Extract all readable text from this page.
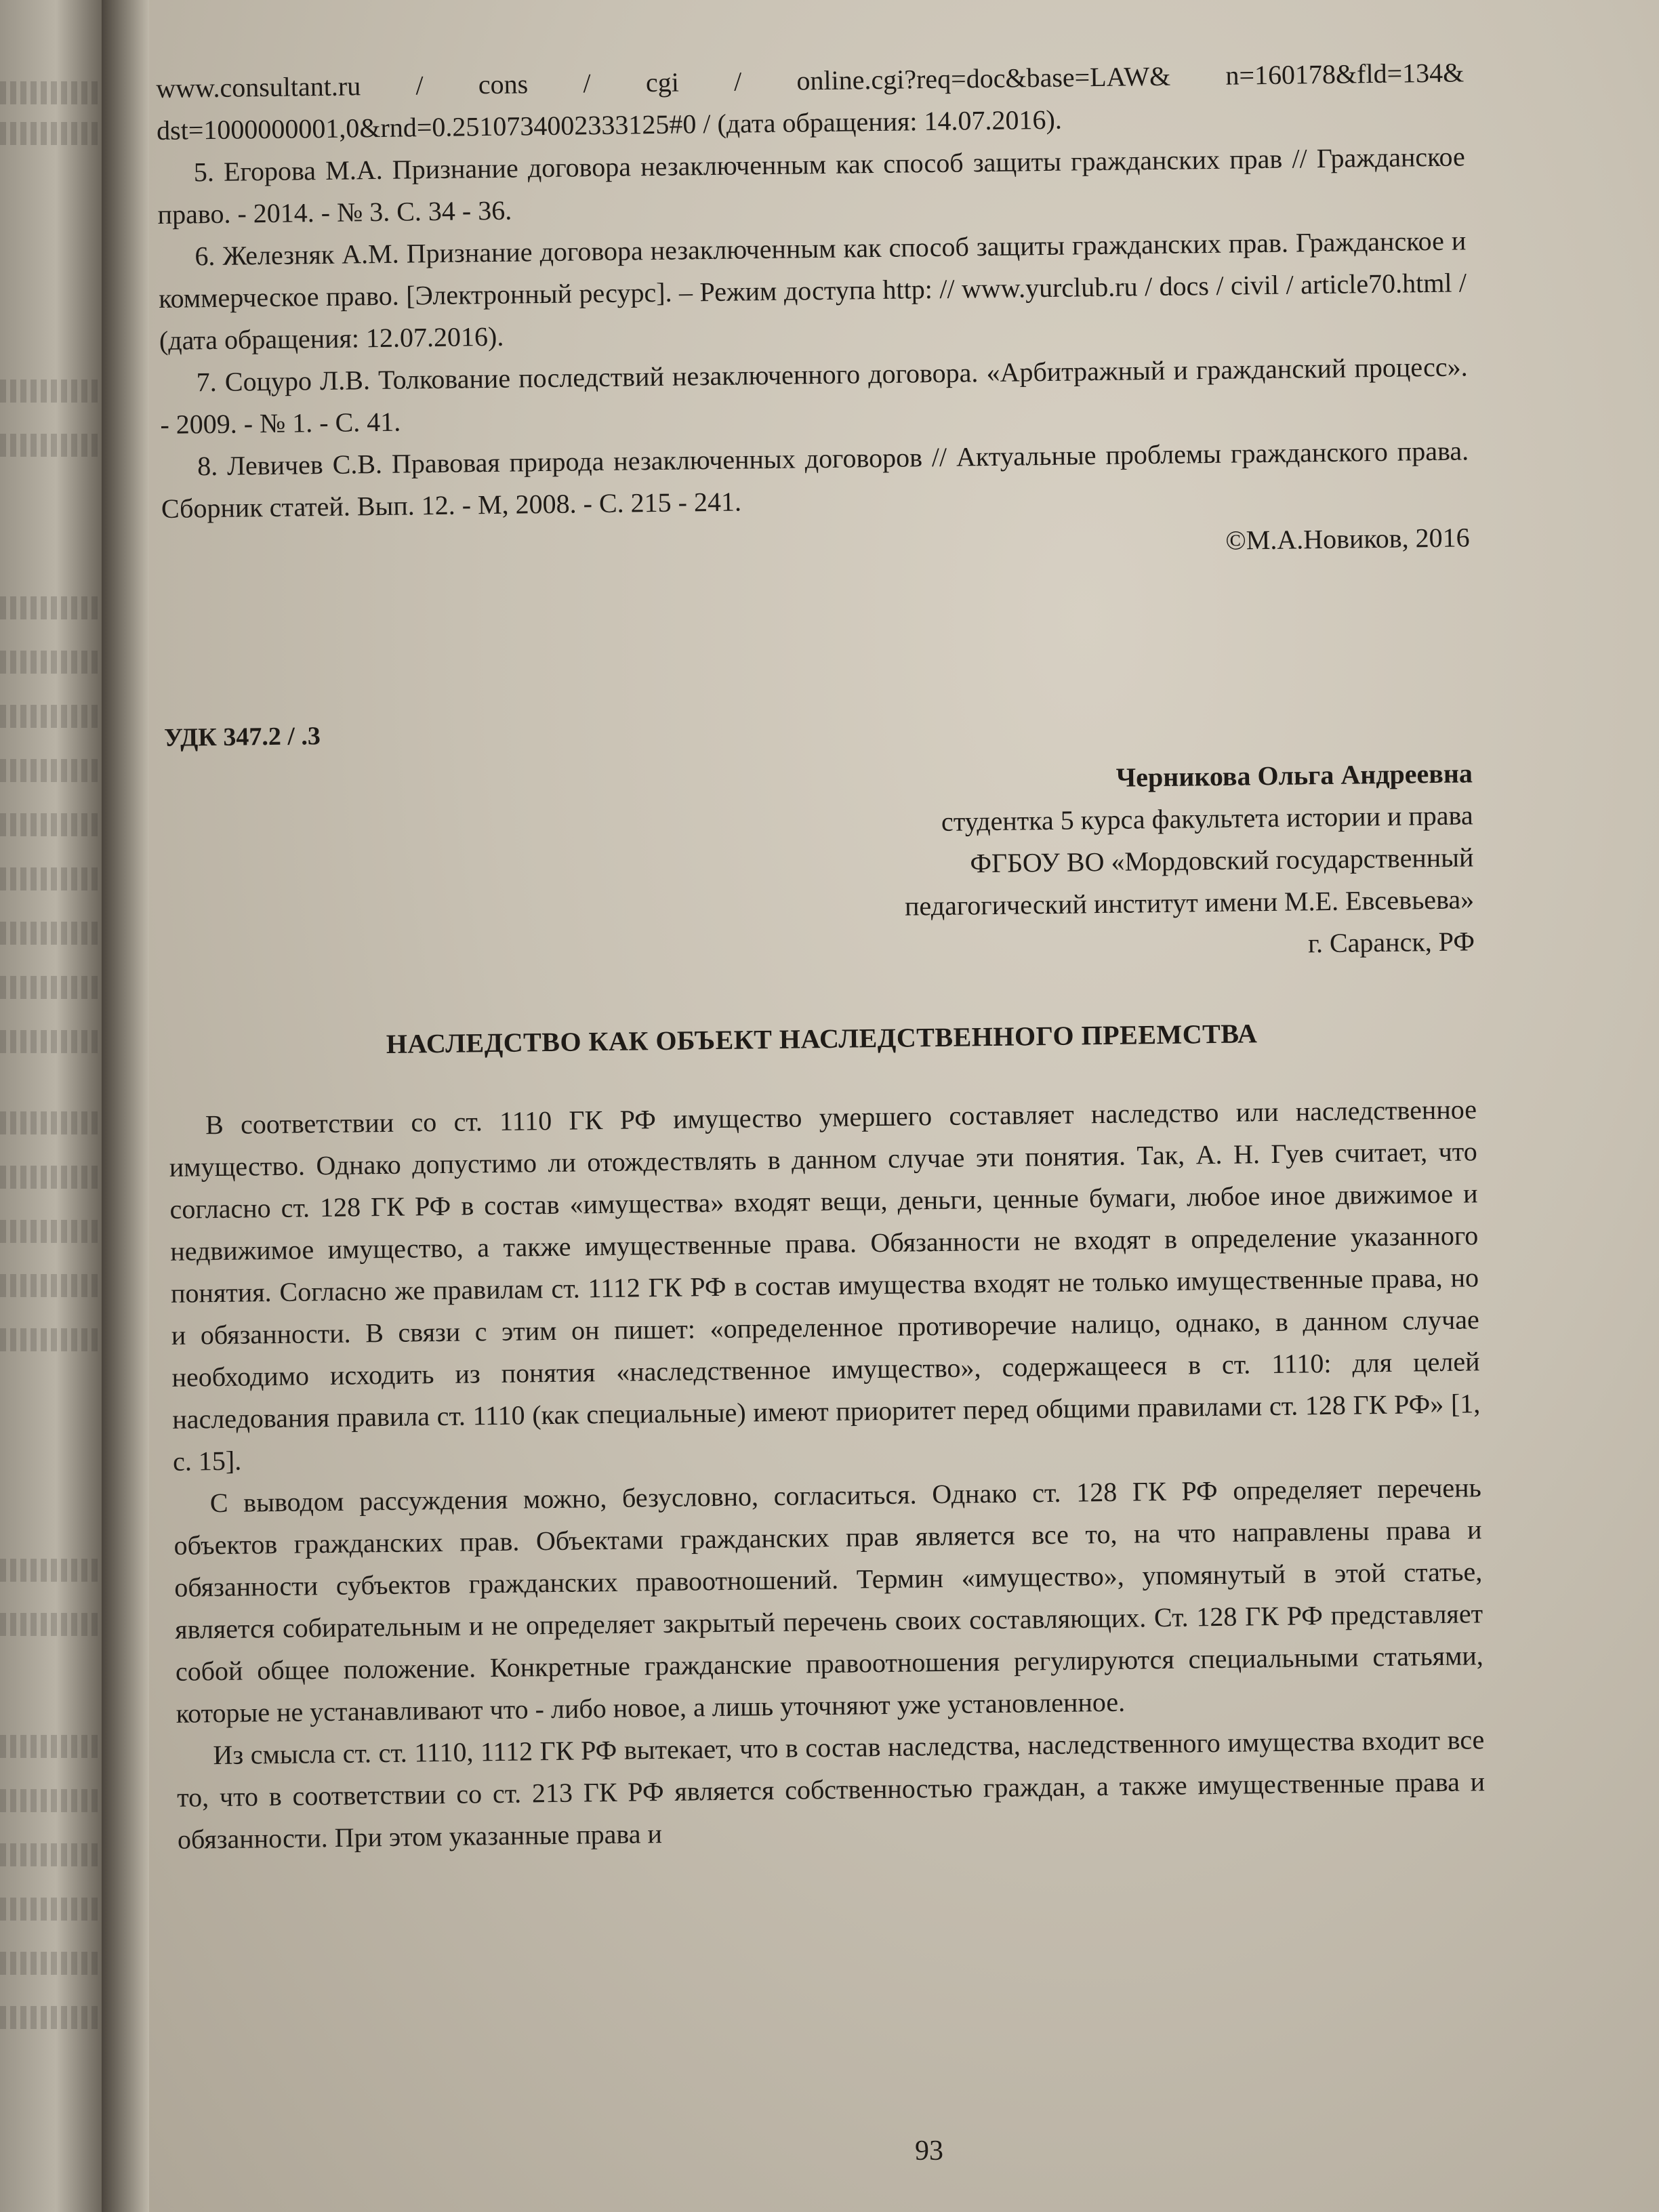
www.consultant.ru / cons / cgi / online.cgi?req=doc&base=LAW& n=160178&fld=134& dst=1000000001,0&rnd=0.2510734002333125#0 / (дата обращения: 14.07.2016).

5. Егорова М.А. Признание договора незаключенным как способ защиты гражданских прав // Гражданское право. - 2014. - № 3. С. 34 - 36.

6. Железняк А.М. Признание договора незаключенным как способ защиты гражданских прав. Гражданское и коммерческое право. [Электронный ресурс]. – Режим доступа http: // www.yurclub.ru / docs / civil / article70.html / (дата обращения: 12.07.2016).

7. Соцуро Л.В. Толкование последствий незаключенного договора. «Арбитражный и гражданский процесс». - 2009. - № 1. - С. 41.

8. Левичев С.В. Правовая природа незаключенных договоров // Актуальные проблемы гражданского права. Сборник статей. Вып. 12. - М, 2008. - С. 215 - 241.

©М.А.Новиков, 2016

УДК 347.2 / .3

Черникова Ольга Андреевна
студентка 5 курса факультета истории и права
ФГБОУ ВО «Мордовский государственный
педагогический институт имени М.Е. Евсевьева»
г. Саранск, РФ
НАСЛЕДСТВО КАК ОБЪЕКТ НАСЛЕДСТВЕННОГО ПРЕЕМСТВА

В соответствии со ст. 1110 ГК РФ имущество умершего составляет наследство или наследственное имущество. Однако допустимо ли отождествлять в данном случае эти понятия. Так, А. Н. Гуев считает, что согласно ст. 128 ГК РФ в состав «имущества» входят вещи, деньги, ценные бумаги, любое иное движимое и недвижимое имущество, а также имущественные права. Обязанности не входят в определение указанного понятия. Согласно же правилам ст. 1112 ГК РФ в состав имущества входят не только имущественные права, но и обязанности. В связи с этим он пишет: «определенное противоречие налицо, однако, в данном случае необходимо исходить из понятия «наследственное имущество», содержащееся в ст. 1110: для целей наследования правила ст. 1110 (как специальные) имеют приоритет перед общими правилами ст. 128 ГК РФ» [1, с. 15].

С выводом рассуждения можно, безусловно, согласиться. Однако ст. 128 ГК РФ определяет перечень объектов гражданских прав. Объектами гражданских прав является все то, на что направлены права и обязанности субъектов гражданских правоотношений. Термин «имущество», упомянутый в этой статье, является собирательным и не определяет закрытый перечень своих составляющих. Ст. 128 ГК РФ представляет собой общее положение. Конкретные гражданские правоотношения регулируются специальными статьями, которые не устанавливают что - либо новое, а лишь уточняют уже установленное.

Из смысла ст. ст. 1110, 1112 ГК РФ вытекает, что в состав наследства, наследственного имущества входит все то, что в соответствии со ст. 213 ГК РФ является собственностью граждан, а также имущественные права и обязанности. При этом указанные права и

93
